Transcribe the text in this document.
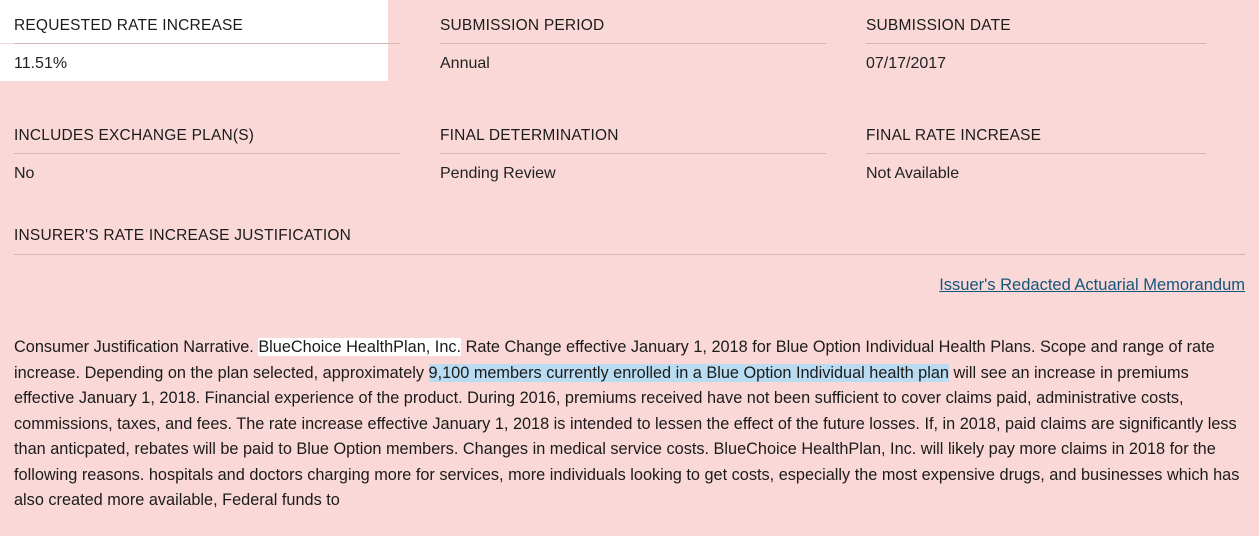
REQUESTED RATE INCREASE
11.51%
SUBMISSION PERIOD
Annual
SUBMISSION DATE
07/17/2017
INCLUDES EXCHANGE PLAN(S)
No
FINAL DETERMINATION
Pending Review
FINAL RATE INCREASE
Not Available
INSURER'S RATE INCREASE JUSTIFICATION
Issuer's Redacted Actuarial Memorandum
Consumer Justification Narrative. BlueChoice HealthPlan, Inc. Rate Change effective January 1, 2018 for Blue Option Individual Health Plans. Scope and range of rate increase. Depending on the plan selected, approximately 9,100 members currently enrolled in a Blue Option Individual health plan will see an increase in premiums effective January 1, 2018. Financial experience of the product. During 2016, premiums received have not been sufficient to cover claims paid, administrative costs, commissions, taxes, and fees. The rate increase effective January 1, 2018 is intended to lessen the effect of the future losses. If, in 2018, paid claims are significantly less than anticpated, rebates will be paid to Blue Option members. Changes in medical service costs. BlueChoice HealthPlan, Inc. will likely pay more claims in 2018 for the following reasons. hospitals and doctors charging more for services, more individuals looking to get costs, especially the most expensive drugs, and businesses which has also created more available, Federal funds to
